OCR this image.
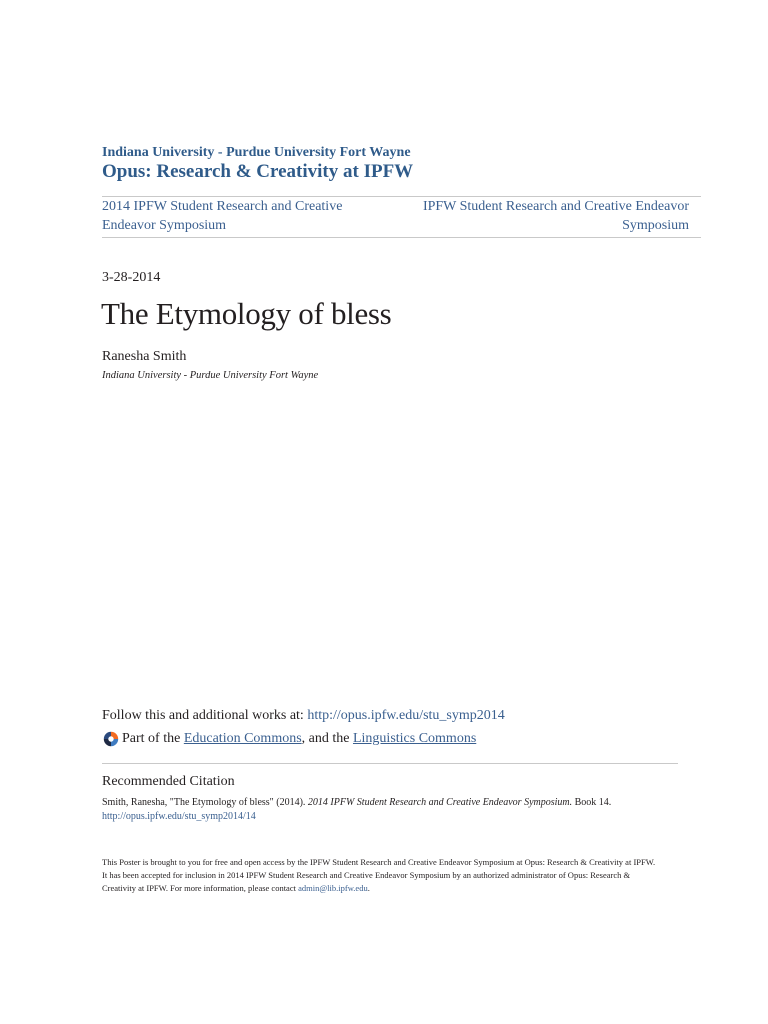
Indiana University - Purdue University Fort Wayne
Opus: Research & Creativity at IPFW
2014 IPFW Student Research and Creative Endeavor Symposium
IPFW Student Research and Creative Endeavor Symposium
3-28-2014
The Etymology of bless
Ranesha Smith
Indiana University - Purdue University Fort Wayne
Follow this and additional works at: http://opus.ipfw.edu/stu_symp2014
Part of the
Education Commons , and the
Linguistics Commons
Recommended Citation
Smith, Ranesha, "The Etymology of bless" (2014). 2014 IPFW Student Research and Creative Endeavor Symposium. Book 14.
http://opus.ipfw.edu/stu_symp2014/14
This Poster is brought to you for free and open access by the IPFW Student Research and Creative Endeavor Symposium at Opus: Research & Creativity at IPFW. It has been accepted for inclusion in 2014 IPFW Student Research and Creative Endeavor Symposium by an authorized administrator of Opus: Research & Creativity at IPFW. For more information, please contact admin@lib.ipfw.edu.
